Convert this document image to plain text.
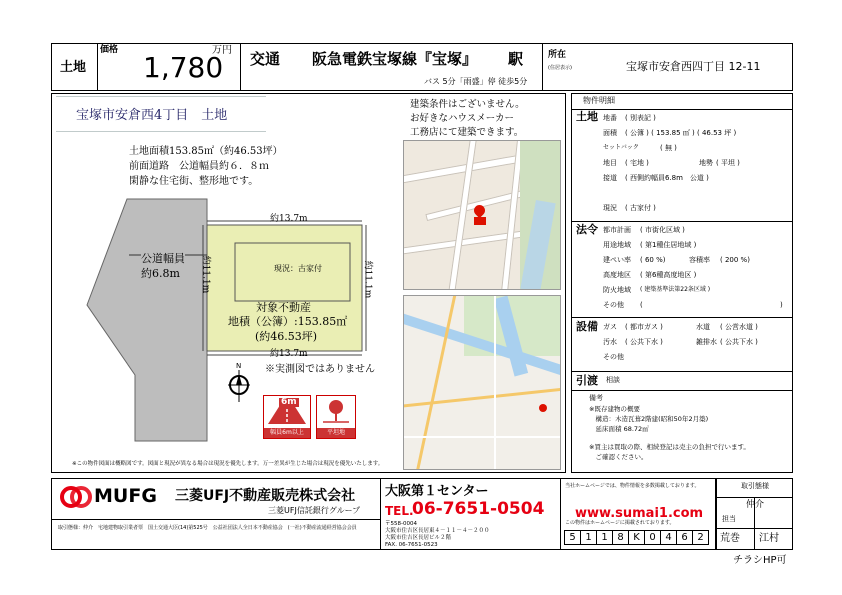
土地
価格
1,780
万円 交通 阪急電鉄宝塚線『宝塚』 駅
バス 5分「雨盛」停 徒歩5分
所在
(住居表示)	宝塚市安倉西四丁目 12-11
宝塚市安倉西4丁目　土地
土地面積153.85㎡（約46.53坪）
前面道路　公道幅員約６．８ｍ
閑静な住宅街、整形地です。
建築条件はございません。
お好きなハウスメーカー
工務店にて建築できます。
公道幅員
約6.8m
約13.7m
約13.7m
約11.1m	約11.1m
現況：古家付
対象不動産
地積（公簿）:153.85㎡
(約46.53坪)
N ※実測図ではありません
6m
幅員6m以上	平坦地
※この物件図面は概略図です。図面と現況が異なる場合は現況を優先します。万一差異が生じた場合は現況を優先いたします。
物件明細
土地 地番 ( 別表記 )
面積 ( 公簿 ) ( 153.85 ㎡ ) ( 46.53 坪 )
セットバック	( 無 )
地目 ( 宅地 )	地勢 ( 平坦 )
接道 ( 西側約幅員6.8m　公道 )
現況 ( 古家付 )
法令 都市計画 ( 市街化区域 )
用途地域 ( 第1種住居地域 )
建ぺい率 ( 60 %)	容積率 ( 200 %)
高度地区 ( 第6種高度地区 )
防火地域 ( 建築基準法第22条区域 )
その他 (	)
設備 ガス ( 都市ガス )	水道 ( 公営水道 )
汚水 ( 公共下水 )	雑排水 ( 公共下水 )
その他
引渡 相談
備考
※既存建物の概要
　構造：木造瓦葺2階建(昭和50年2月築)
　延床面積 68.72㎡
※買主は買取の際、相続登記は売主の負担で行います。
　ご確認ください。
MUFG 三菱UFJ不動産販売株式会社
三菱UFJ信託銀行グループ
取引態様：仲介　宅地建物取引業者票　国土交通大臣(14)第525号　公益社団法人全日本不動産協会　(一社)不動産流通経営協会会員
大阪第１センター
TEL.
06-7651-0504
〒558-0004
大阪市住吉区長居東４－１１－４－２００
大阪市住吉区長居ビル２階
FAX. 06-7651-0523
当社ホームページでは、物件情報を多数掲載しております。
www.sumai1.com
この物件はホームページに掲載されております。
5 1 1 8 K 0 4 6 2
取引態様
仲介
担当
荒巻 江村
チラシHP可
